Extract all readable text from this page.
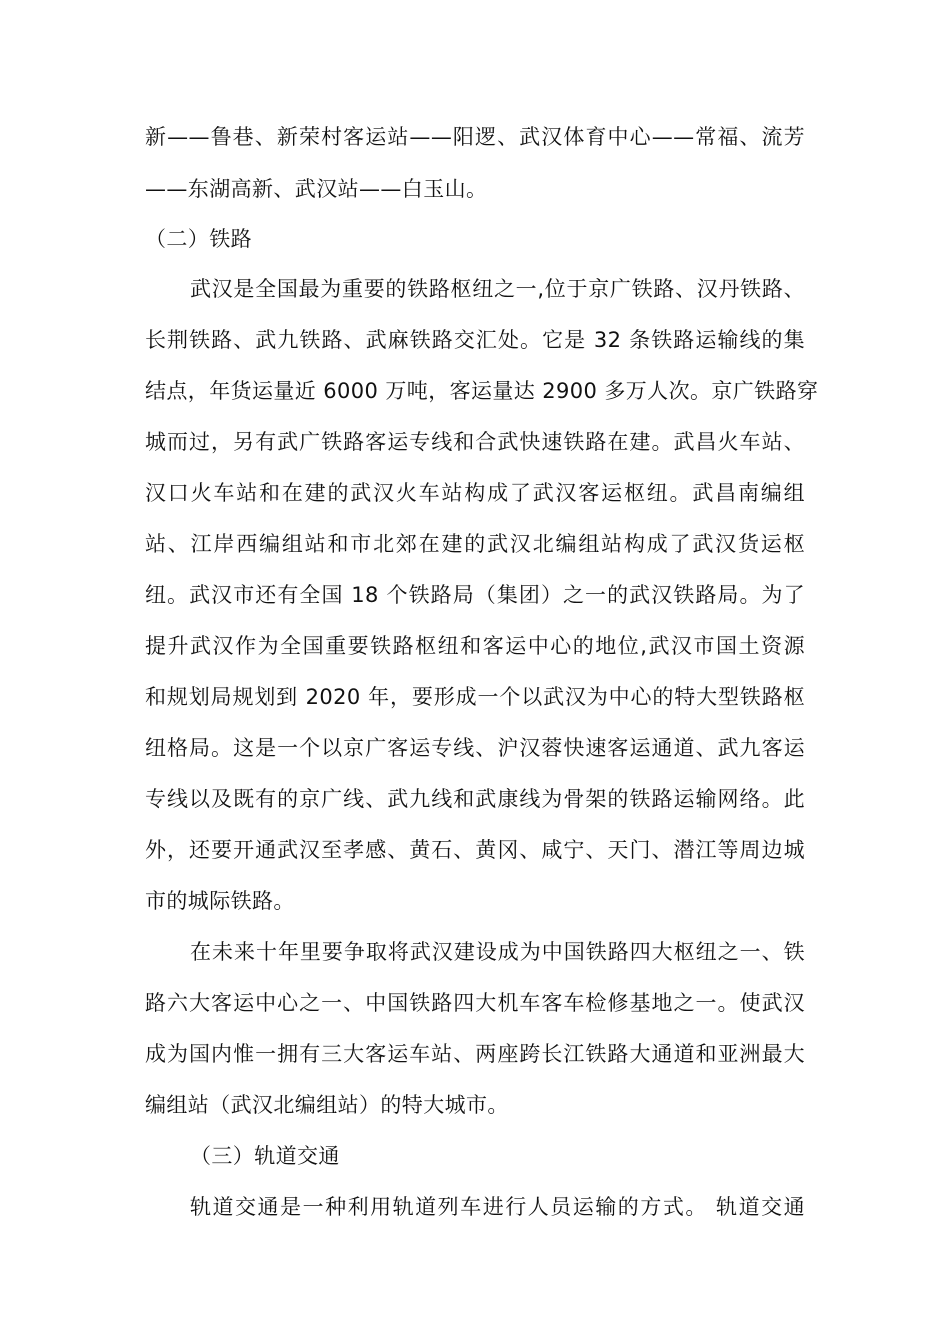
新——鲁巷、新荣村客运站——阳逻、武汉体育中心——常福、流芳
——东湖高新、武汉站——白玉山。
（二）铁路
武汉是全国最为重要的铁路枢纽之一,位于京广铁路、汉丹铁路、
长荆铁路、武九铁路、武麻铁路交汇处。它是 32 条铁路运输线的集
结点，年货运量近 6000 万吨，客运量达 2900 多万人次。京广铁路穿
城而过，另有武广铁路客运专线和合武快速铁路在建。武昌火车站、
汉口火车站和在建的武汉火车站构成了武汉客运枢纽。武昌南编组
站、江岸西编组站和市北郊在建的武汉北编组站构成了武汉货运枢
纽。武汉市还有全国 18 个铁路局（集团）之一的武汉铁路局。为了
提升武汉作为全国重要铁路枢纽和客运中心的地位,武汉市国土资源
和规划局规划到 2020 年，要形成一个以武汉为中心的特大型铁路枢
纽格局。这是一个以京广客运专线、沪汉蓉快速客运通道、武九客运
专线以及既有的京广线、武九线和武康线为骨架的铁路运输网络。此
外，还要开通武汉至孝感、黄石、黄冈、咸宁、天门、潜江等周边城
市的城际铁路。
在未来十年里要争取将武汉建设成为中国铁路四大枢纽之一、铁
路六大客运中心之一、中国铁路四大机车客车检修基地之一。使武汉
成为国内惟一拥有三大客运车站、两座跨长江铁路大通道和亚洲最大
编组站（武汉北编组站）的特大城市。
（三）轨道交通
轨道交通是一种利用轨道列车进行人员运输的方式。 轨道交通
